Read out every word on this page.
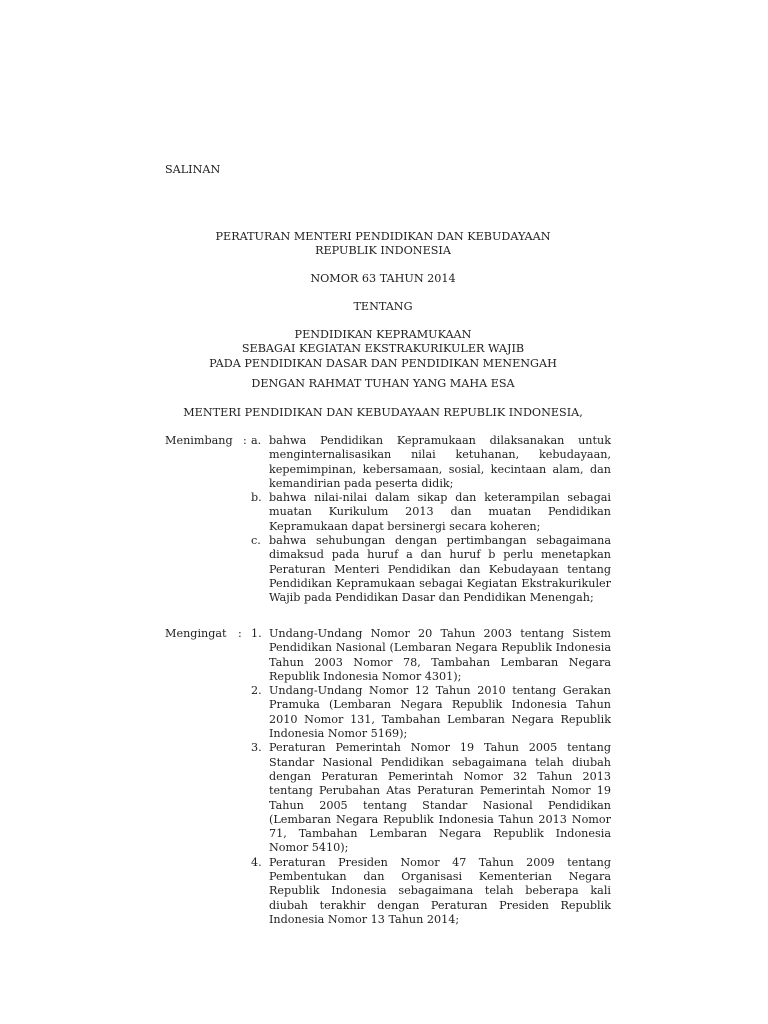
SALINAN
PERATURAN MENTERI PENDIDIKAN DAN KEBUDAYAAN
REPUBLIK INDONESIA
NOMOR 63 TAHUN 2014
TENTANG
PENDIDIKAN KEPRAMUKAAN
SEBAGAI KEGIATAN EKSTRAKURIKULER WAJIB
PADA PENDIDIKAN DASAR DAN PENDIDIKAN MENENGAH
DENGAN RAHMAT TUHAN YANG MAHA ESA
MENTERI PENDIDIKAN DAN KEBUDAYAAN REPUBLIK INDONESIA,
Menimbang : a. bahwa Pendidikan Kepramukaan dilaksanakan untuk menginternalisasikan nilai ketuhanan, kebudayaan, kepemimpinan, kebersamaan, sosial, kecintaan alam, dan kemandirian pada peserta didik;
b. bahwa nilai-nilai dalam sikap dan keterampilan sebagai muatan Kurikulum 2013 dan muatan Pendidikan Kepramukaan dapat bersinergi secara koheren;
c. bahwa sehubungan dengan pertimbangan sebagaimana dimaksud pada huruf a dan huruf b perlu menetapkan Peraturan Menteri Pendidikan dan Kebudayaan tentang Pendidikan Kepramukaan sebagai Kegiatan Ekstrakurikuler Wajib pada Pendidikan Dasar dan Pendidikan Menengah;
Mengingat : 1. Undang-Undang Nomor 20 Tahun 2003 tentang Sistem Pendidikan Nasional (Lembaran Negara Republik Indonesia Tahun 2003 Nomor 78, Tambahan Lembaran Negara Republik Indonesia Nomor 4301);
2. Undang-Undang Nomor 12 Tahun 2010 tentang Gerakan Pramuka (Lembaran Negara Republik Indonesia Tahun 2010 Nomor 131, Tambahan Lembaran Negara Republik Indonesia Nomor 5169);
3. Peraturan Pemerintah Nomor 19 Tahun 2005 tentang Standar Nasional Pendidikan sebagaimana telah diubah dengan Peraturan Pemerintah Nomor 32 Tahun 2013 tentang Perubahan Atas Peraturan Pemerintah Nomor 19 Tahun 2005 tentang Standar Nasional Pendidikan (Lembaran Negara Republik Indonesia Tahun 2013 Nomor 71, Tambahan Lembaran Negara Republik Indonesia Nomor 5410);
4. Peraturan Presiden Nomor 47 Tahun 2009 tentang Pembentukan dan Organisasi Kementerian Negara Republik Indonesia sebagaimana telah beberapa kali diubah terakhir dengan Peraturan Presiden Republik Indonesia Nomor 13 Tahun 2014;
